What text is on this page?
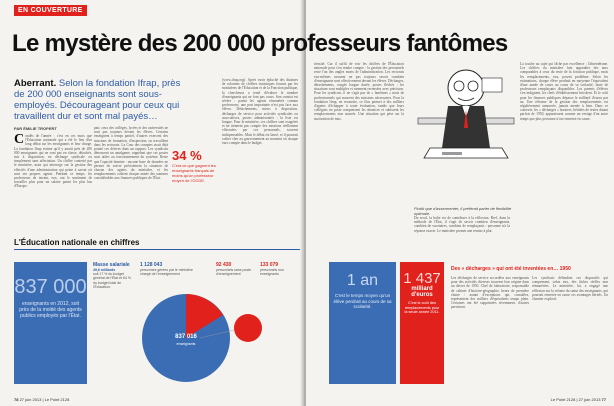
EN COUVERTURE
Aberrant. Selon la fondation Ifrap, près de 200 000 enseignants sont sous-employés. Décourageant pour ceux qui travaillent dur et sont mal payés…
PAR ÉMILIE TROPERT
Condés de l'année : c'est en ces mots que l'Éducation nationale qui a été le lieu d'un long débat sur les enseignants et leur charge. La fondation Ifrap estime qu'il y aurait près de 200 000 enseignants qui ne sont pas en classe, détachés, mis à disposition, en décharge syndicale ou simplement sans affectation. Un chiffre contesté par le ministère, mais qui interroge sur la gestion des effectifs d'une administration qui peine à savoir où sont ses propres agents. Pendant ce temps, les professeurs de terrain, eux, ont le sentiment de travailler plus pour un salaire parmi les plus bas d'Europe.
pair, ceux des collèges, lycées et des universités ne sont pas toujours devant les élèves. Certains enseignent à temps partiel, d'autres exercent des missions de formation, d'inspection, ou travaillent dans les rectorats. La Cour des comptes avait déjà pointé ces dérives dans un rapport. Les syndicats dénoncent un amalgame, rappelant que ces postes sont utiles au fonctionnement du système. Reste que l'opacité domine : aucune base de données ne permet de suivre précisément la situation de chacun des agents du ministère, et les remplacements coûtent chaque année des sommes considérables aux finances publiques de l'État.
34 %
C'est ce que gagnent les enseignants français de moins qu'un professeur moyen de l'OCDE.
(www.ifrap.org). Après avoir épluché des dizaines de colonnes de chiffres statistiques fournis par les ministères de l'Éducation et de la Fonction publique, la chercheuse a tenté d'évaluer le nombre d'enseignants qui ne font pas cours. Son constat est sévère : parmi les agents rémunérés comme professeurs, une part importante n'est pas face aux élèves. Détachements, mises à disposition, décharges de service pour activités syndicales ou associatives, postes administratifs : la liste est longue. Pour le ministère, ces chiffres sont exagérés et ne tiennent pas compte des missions réellement effectuées par ces personnels, souvent indispensables. Mais le débat est lancé, et il pourrait coûter cher au gouvernement au moment où chaque euro compte dans le budget.
L'Éducation nationale en chiffres
837 000
enseignants en 2012, soit près de la moitié des agents publics employés par l'État.
Masse salariale
49,6 milliards
soit 17 % du budget général de l'État et 64 % du budget total de l'Éducation.
1 128 043
personnes gérées par le ministère chargé de l'enseignement
92 430
personnels sans poste d'enseignement
133 079
personnels non enseignants
837 016
enseignants
78 27 juin 2013 | Le Point 2128
tieusité. Car il suffit de voir les chiffres de l'Éducation nationale pour s'en rendre compte : la gestion des personnels reste l'un des angles morts de l'administration. Les rectorats eux-mêmes avouent ne pas toujours savoir combien d'enseignants sont effectivement devant les élèves. Décharges, détachements, congés longue durée, postes fléchés : les situations sont multiples et rarement recensées avec précision. Pour les syndicats, il ne s'agit pas de « fantômes » mais de professionnels qui assurent des missions nécessaires. Pour la fondation Ifrap, en revanche, ce flou permet à des milliers d'agents d'échapper à toute évaluation, tandis que leurs collègues en poste compensent les absences et subissent les remplacements non assurés. Une situation qui pèse sur la motivation de tous.
Plutôt que d'assermenter, il préférait parler de flexibilité optimale.
Du recul, la boîte est de contribuer à la réflexion. Bref, dans la méthode de l'État, il s'agit de savoir combien d'enseignants, combien de vacataires, combien de remplaçants : personne n'a la réponse exacte. Le ministère promet une remise à plat.
La touche au sujet qui fâche par excellence : l'absentéisme. Les chiffres du ministère font apparaître des taux comparables à ceux du reste de la fonction publique, mais les remplacements, eux, posent problème. Selon les estimations, chaque élève perdrait en moyenne l'équivalent d'une année de cours au cours de sa scolarité, faute de professeurs remplaçants disponibles. Les parents d'élèves s'en indignent, les chefs d'établissement bricolent. Et le coût pour les finances publiques dépasse le milliard d'euros par an. Une réforme de la gestion des remplacements est régulièrement annoncée, jamais menée à bien. Dans ce contexte, les « décharges » horaires, héritées de textes datant parfois de 1950, apparaissent comme un vestige d'un autre temps que plus personne n'ose remettre en cause.
1 an
C'est le temps moyen qu'un élève perdrait au cours de sa scolarité.
1 437
milliard d'euros
C'est le coût des remplacements pour la seule année 2011.
Des « décharges » qui ont été inventées en… 1950
Les décharges de service accordées aux enseignants pour des activités diverses trouvent leur origine dans un décret de 1950. Chef de laboratoire, responsable de cabinet d'histoire-géographie, heure de première chaire : autant d'exceptions qui, cumulées, représentent des milliers d'équivalents temps plein. Certaines ont été supprimées récemment, d'autres persistent.
Les syndicats défendent ces dispositifs qui compensent, selon eux, des tâches réelles non rémunérées. Le ministère, lui, a engagé une réflexion sur la refonte du statut des enseignants, qui pourrait remettre en cause ces avantages hérités. Un chantier explosif.
Le Point 2128 | 27 juin 2013 77
Le mystère des 200 000 professeurs fantômes
